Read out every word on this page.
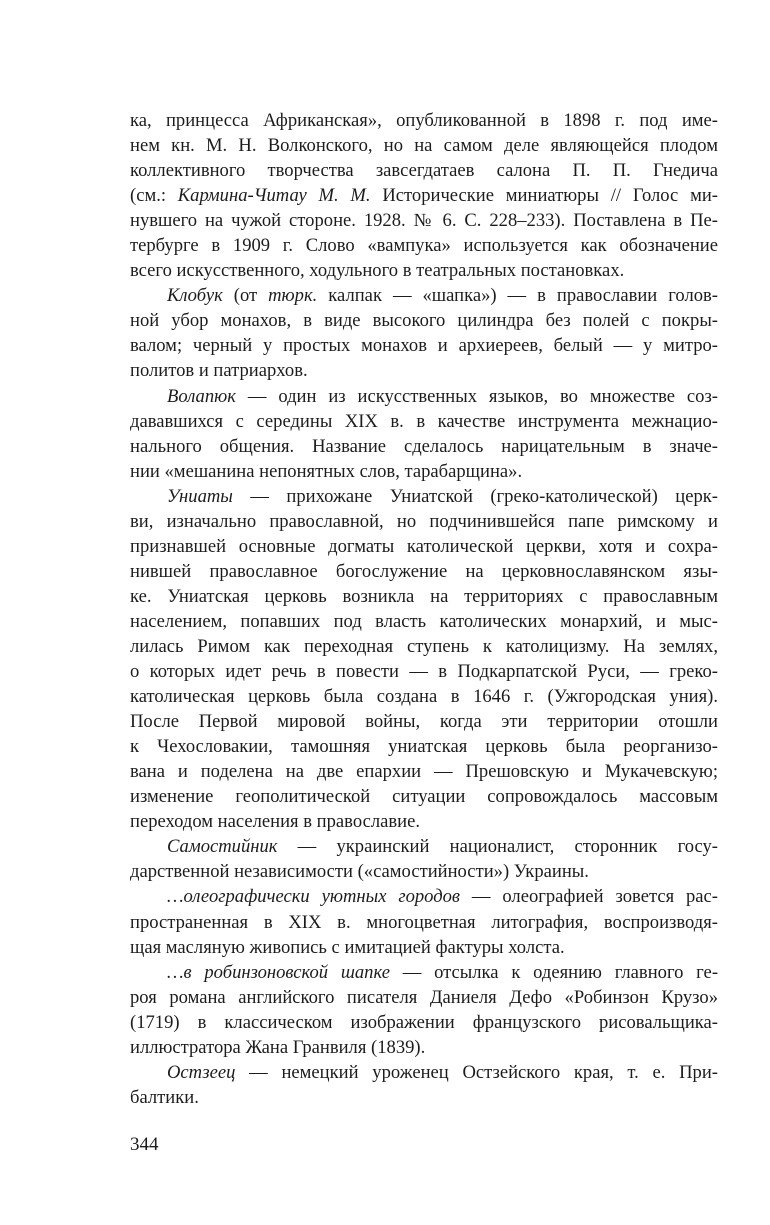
ка, принцесса Африканская», опубликованной в 1898 г. под име-
нем кн. М. Н. Волконского, но на самом деле являющейся плодом
коллективного творчества завсегдатаев салона П. П. Гнедича
(см.: Кармина-Читау М. М. Исторические миниатюры // Голос ми-
нувшего на чужой стороне. 1928. № 6. С. 228–233). Поставлена в Пе-
тербурге в 1909 г. Слово «вампука» используется как обозначение
всего искусственного, ходульного в театральных постановках.
Клобук (от тюрк. калпак — «шапка») — в православии голов-
ной убор монахов, в виде высокого цилиндра без полей с покры-
валом; черный у простых монахов и архиереев, белый — у митро-
политов и патриархов.
Волапюк — один из искусственных языков, во множестве соз-
дававшихся с середины XIX в. в качестве инструмента межнацио-
нального общения. Название сделалось нарицательным в значе-
нии «мешанина непонятных слов, тарабарщина».
Униаты — прихожане Униатской (греко-католической) церк-
ви, изначально православной, но подчинившейся папе римскому и
признавшей основные догматы католической церкви, хотя и сохра-
нившей православное богослужение на церковнославянском язы-
ке. Униатская церковь возникла на территориях с православным
населением, попавших под власть католических монархий, и мыс-
лилась Римом как переходная ступень к католицизму. На землях,
о которых идет речь в повести — в Подкарпатской Руси, — греко-
католическая церковь была создана в 1646 г. (Ужгородская уния).
После Первой мировой войны, когда эти территории отошли
к Чехословакии, тамошняя униатская церковь была реорганизо-
вана и поделена на две епархии — Прешовскую и Мукачевскую;
изменение геополитической ситуации сопровождалось массовым
переходом населения в православие.
Самостийник — украинский националист, сторонник госу-
дарственной независимости («самостийности») Украины.
…олеографически уютных городов — олеографией зовется рас-
пространенная в XIX в. многоцветная литография, воспроизводя-
щая масляную живопись с имитацией фактуры холста.
…в робинзоновской шапке — отсылка к одеянию главного ге-
роя романа английского писателя Даниеля Дефо «Робинзон Крузо»
(1719) в классическом изображении французского рисовальщика-
иллюстратора Жана Гранвиля (1839).
Остзеец — немецкий уроженец Остзейского края, т. е. При-
балтики.
344
